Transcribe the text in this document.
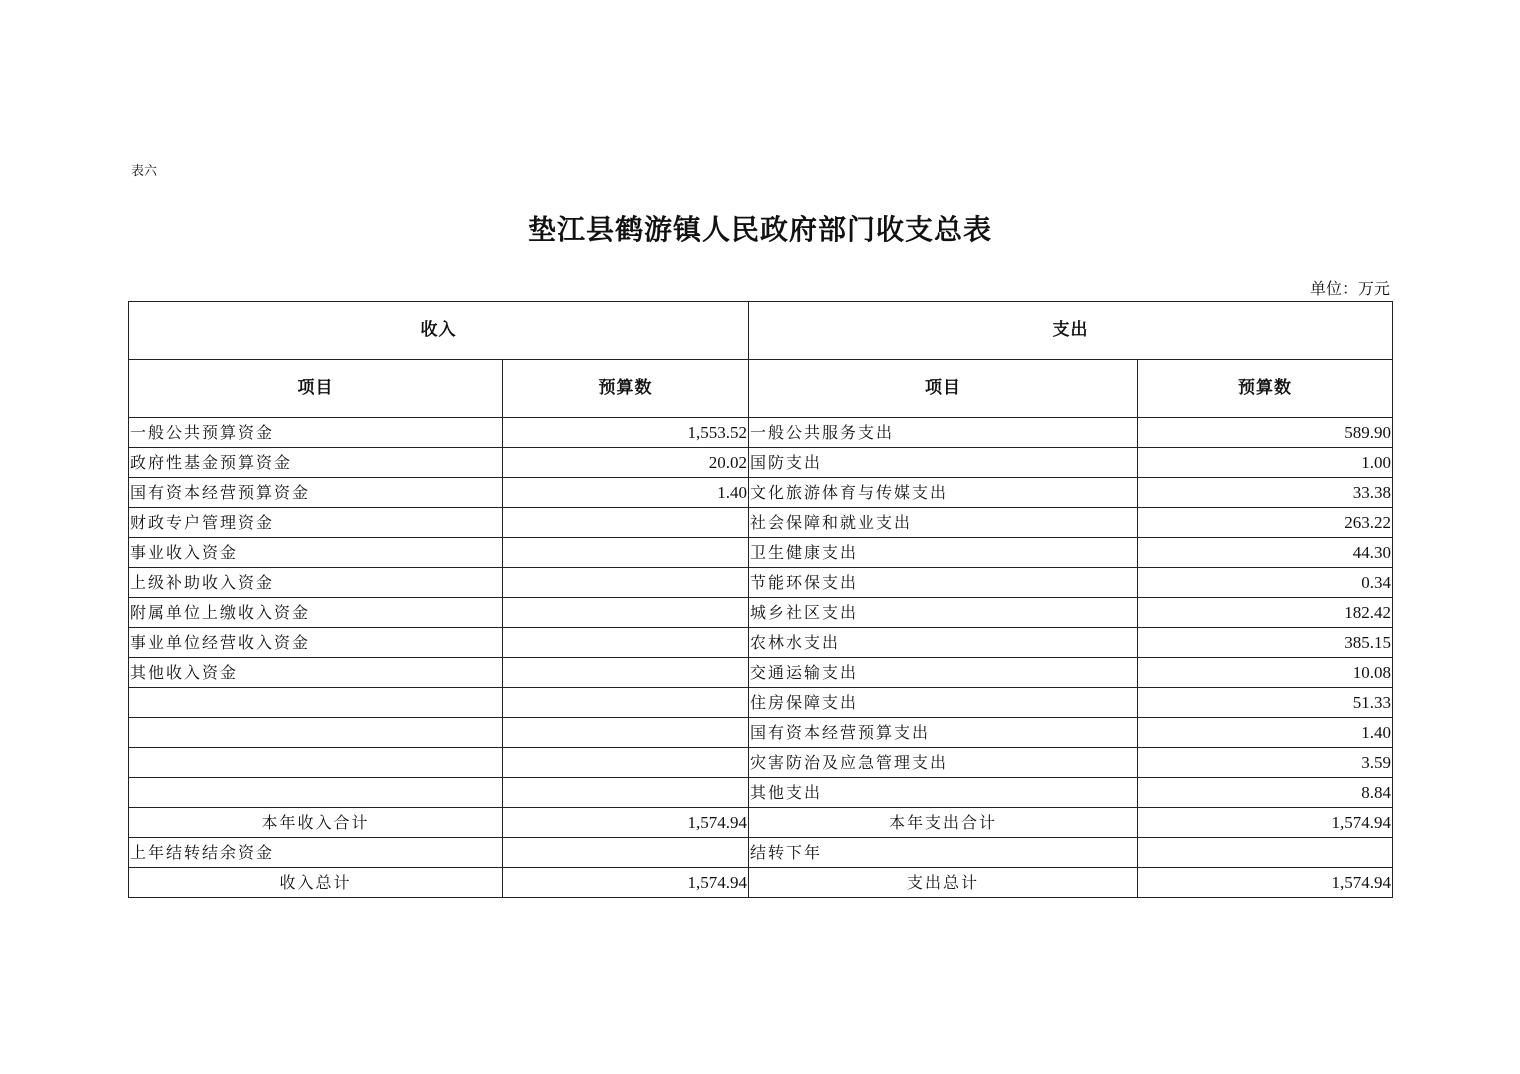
表六
垫江县鹤游镇人民政府部门收支总表
单位：万元
收入		支出	
项目	预算数	项目	预算数
一般公共预算资金	1,553.52	一般公共服务支出	589.90
政府性基金预算资金	20.02	国防支出	1.00
国有资本经营预算资金	1.40	文化旅游体育与传媒支出	33.38
财政专户管理资金		社会保障和就业支出	263.22
事业收入资金		卫生健康支出	44.30
上级补助收入资金		节能环保支出	0.34
附属单位上缴收入资金		城乡社区支出	182.42
事业单位经营收入资金		农林水支出	385.15
其他收入资金		交通运输支出	10.08
		住房保障支出	51.33
		国有资本经营预算支出	1.40
		灾害防治及应急管理支出	3.59
		其他支出	8.84
本年收入合计	1,574.94	本年支出合计	1,574.94
上年结转结余资金		结转下年	
收入总计	1,574.94	支出总计	1,574.94
